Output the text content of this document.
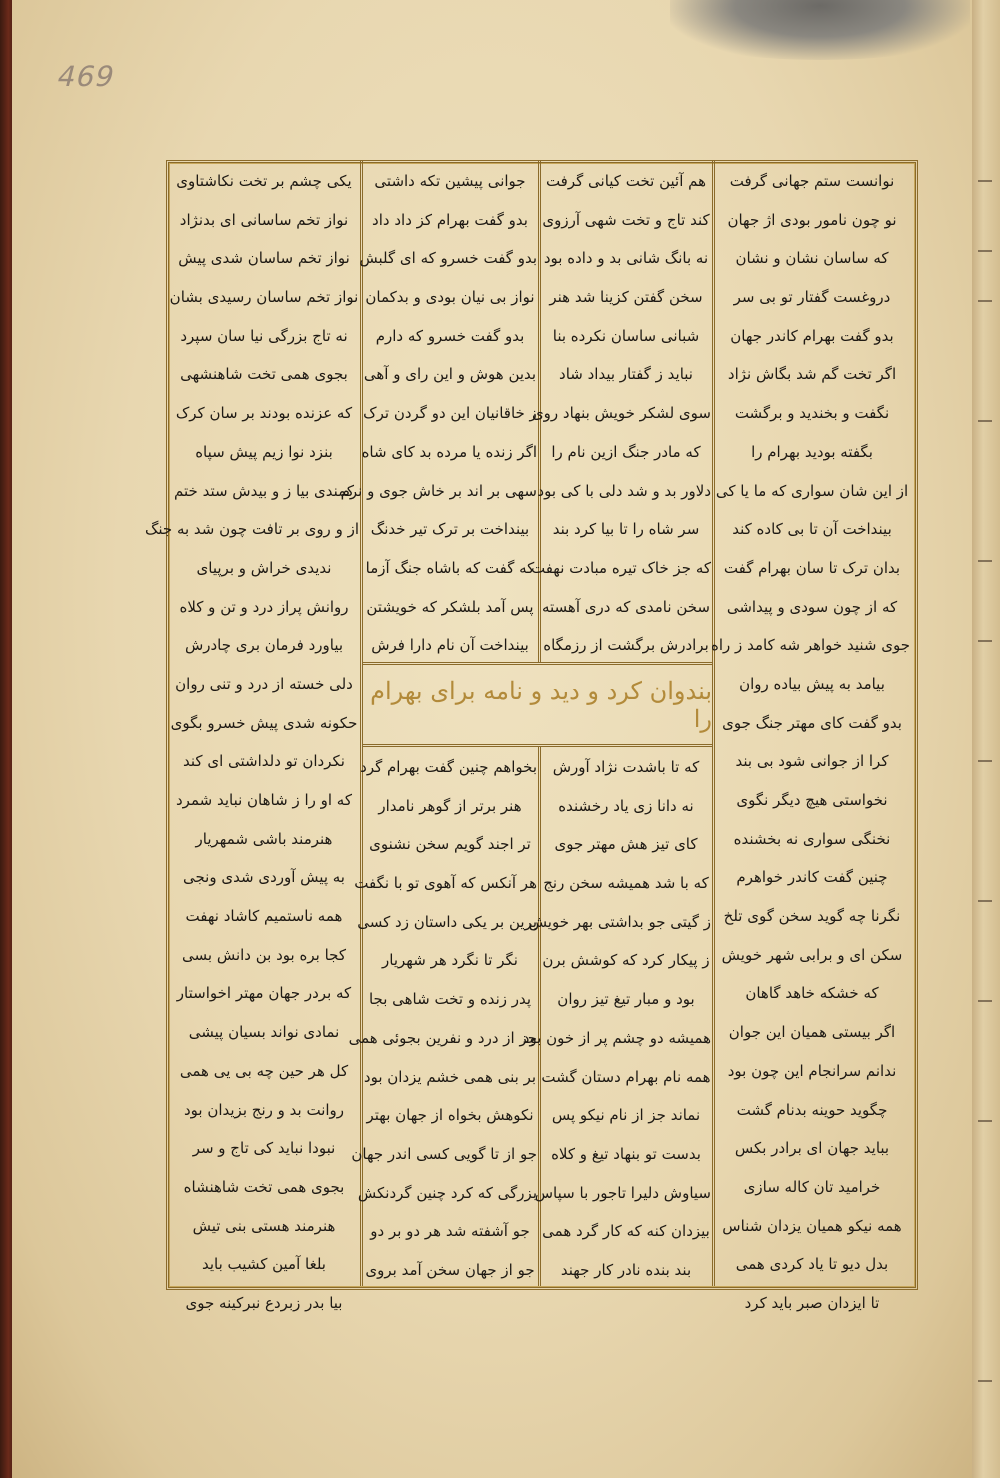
469
بندوان کرد و دید و نامه برای بهرام را
نوانست ستم جهانی گرفت
نو چون نامور بودی اژ جهان
که ساسان نشان و نشان
دروغست گفتار تو بی سر
بدو گفت بهرام کاندر جهان
اگر تخت گم شد بگاش نژاد
نگفت و بخندید و برگشت
بگفته بودید بهرام را
از این شان سواری که ما یا کی
بینداخت آن تا بی کاده کند
بدان ترک تا سان بهرام گفت
که از چون سودی و پیداشی
جوی شنید خواهر شه کامد ز راه
بیامد به پیش بیاده روان
بدو گفت کای مهتر جنگ جوی
کرا از جوانی شود بی بند
نخواستی هیچ دیگر نگوی
نخنگی سواری نه بخشنده
چنین گفت کاندر خواهرم
نگرنا چه گوید سخن گوی تلخ
سکن ای و برابی شهر خویش
که خشکه خاهد گاهان
اگر بیستی همیان این جوان
ندانم سرانجام این چون بود
چگوید حوینه بدنام گشت
بباید جهان ای برادر بکس
خرامید تان کاله سازی
همه نیکو همیان یزدان شناس
بدل دیو تا یاد کردی همی
تا ایزدان صبر باید کرد
هم آئین تخت کیانی گرفت
کند تاج و تخت شهی آرزوی
نه بانگ شانی بد و داده بود
سخن گفتن کزینا شد هنر
شبانی ساسان نکرده بنا
نباید ز گفتار بیداد شاد
سوی لشکر خویش بنهاد روی
که مادر جنگ ازین نام را
دلاور بد و شد دلی با کی بود
سر شاه را تا بیا کرد بند
که جز خاک تیره مبادت نهفت
سخن نامدی که دری آهسته
برادرش برگشت از رزمگاه
جوانی پیشین تکه داشتی
بدو گفت بهرام کز داد داد
بدو گفت خسرو که ای گلبش
نواز بی نیان بودی و بدکمان
بدو گفت خسرو که دارم
بدین هوش و این رای و آهی
ز خاقانیان این دو گردن ترک
اگر زنده یا مرده بد کای شاه
سهی بر اند بر خاش جوی و نرم
بینداخت بر ترک تیر خدنگ
که گفت که باشاه جنگ آزما
پس آمد بلشکر که خویشتن
بینداخت آن نام دارا فرش
یکی چشم بر تخت نکاشتاوی
نواز تخم ساسانی ای بدنژاد
نواز تخم ساسان شدی پیش
نواز تخم ساسان رسیدی بشان
نه تاج بزرگی نیا سان سپرد
بجوی همی تخت شاهنشهی
که عزنده بودند بر سان کرک
بنزد نوا زیم پیش سپاه
کمندی بیا ز و بیدش ستد ختم
از و روی بر تافت چون شد به جنگ
ندیدی خراش و برپیای
روانش پراز درد و تن و کلاه
بیاورد فرمان بری چادرش
دلی خسته از درد و تنی روان
حکونه شدی پیش خسرو بگوی
نکردان تو دلداشتی ای کند
که او را ز شاهان نباید شمرد
هنرمند باشی شمهریار
به پیش آوردی شدی ونجی
همه ناستمیم کاشاد نهفت
کجا بره بود بن دانش بسی
که بردر جهان مهتر اخواستار
نمادی نواند بسیان پیشی
کل هر حین چه بی یی همی
روانت بد و رنج بزیدان بود
نبودا نباید کی تاج و سر
بجوی همی تخت شاهنشاه
هنرمند هستی بنی تیش
بلغا آمین کشیب باید
بیا بدر زبردع نبرکینه جوی
که تا باشدت نژاد آورش
نه دانا زی یاد رخشنده
کای تیز هش مهتر جوی
که با شد همیشه سخن رنج
ز گیتی جو بداشتی بهر خویش
ز پیکار کرد که کوشش برن
بود و مبار تیغ تیز روان
همیشه دو چشم پر از خون بود
همه نام بهرام دستان گشت
نماند جز از نام نیکو پس
بدست تو بنهاد تیغ و کلاه
سیاوش دلیرا تاجور با سپاس
بیزدان کنه که کار گرد همی
بند بنده نادر کار جهند
بخواهم چنین گفت بهرام گرد
هنر برتر از گوهر نامدار
تر اجند گویم سخن نشنوی
هر آنکس که آهوی تو با نگفت
برین بر یکی داستان زد کسی
نگر تا نگرد هر شهریار
پدر زنده و تخت شاهی بجا
جز از درد و نفرین بجوئی همی
بر بنی همی خشم یزدان بود
نکوهش بخواه از جهان بهتر
جو از تا گویی کسی اندر جهان
بزرگی که کرد چنین گردنکش
جو آشفته شد هر دو بر دو
جو از جهان سخن آمد بروی
